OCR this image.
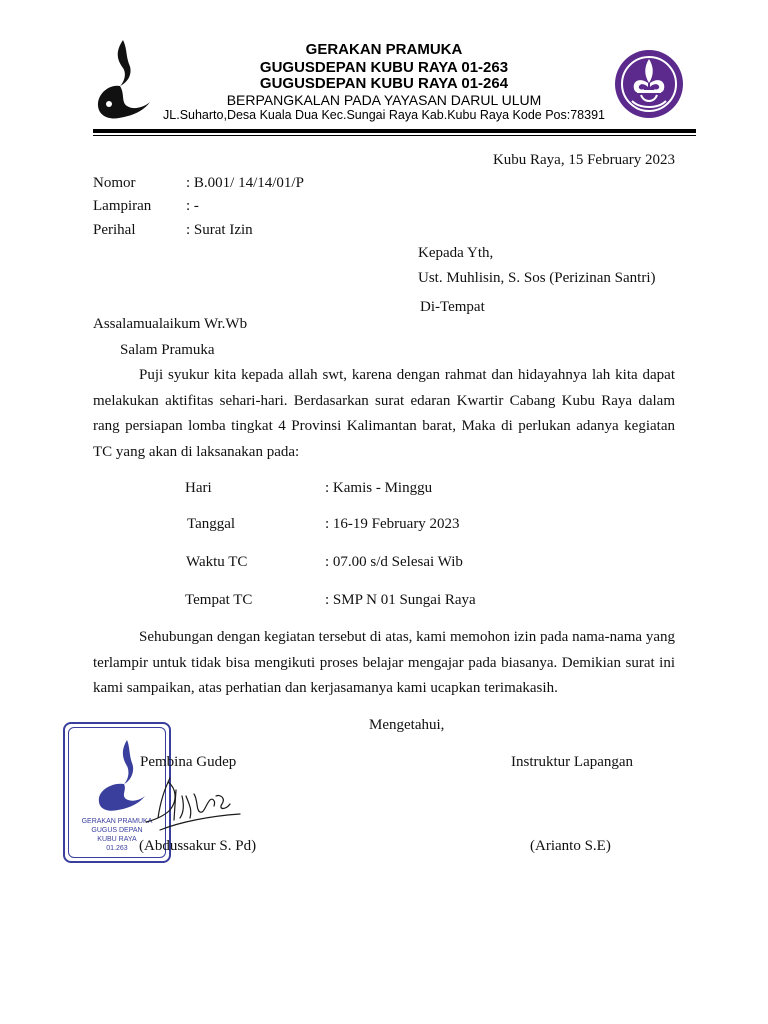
GERAKAN PRAMUKA
GUGUSDEPAN KUBU RAYA 01-263
GUGUSDEPAN KUBU RAYA 01-264
BERPANGKALAN PADA YAYASAN DARUL ULUM
JL.Suharto,Desa Kuala Dua Kec.Sungai Raya Kab.Kubu Raya Kode Pos:78391
Kubu Raya, 15 February 2023
Nomor	: B.001/ 14/14/01/P
Lampiran : -
Perihal	: Surat Izin
Kepada Yth,
Ust. Muhlisin, S. Sos (Perizinan Santri)
Di-Tempat
Assalamualaikum Wr.Wb
Salam Pramuka
Puji syukur kita kepada allah swt, karena dengan rahmat dan hidayahnya lah kita dapat melakukan aktifitas sehari-hari. Berdasarkan surat edaran Kwartir Cabang Kubu Raya dalam rang persiapan lomba tingkat 4 Provinsi Kalimantan barat, Maka di perlukan adanya kegiatan TC yang akan di laksanakan pada:
Hari	: Kamis - Minggu
Tanggal	: 16-19 February 2023
Waktu TC	: 07.00 s/d Selesai Wib
Tempat TC	: SMP N 01 Sungai Raya
Sehubungan dengan kegiatan tersebut di atas, kami memohon izin pada nama-nama yang terlampir untuk tidak bisa mengikuti proses belajar mengajar pada biasanya. Demikian surat ini kami sampaikan, atas perhatian dan kerjasamanya kami ucapkan terimakasih.
Mengetahui,
GERAKAN PRAMUKA
GUGUS DEPAN
KUBU RAYA
01.263
Pembina Gudep	Instruktur Lapangan
(Abdussakur S. Pd)	(Arianto S.E)
